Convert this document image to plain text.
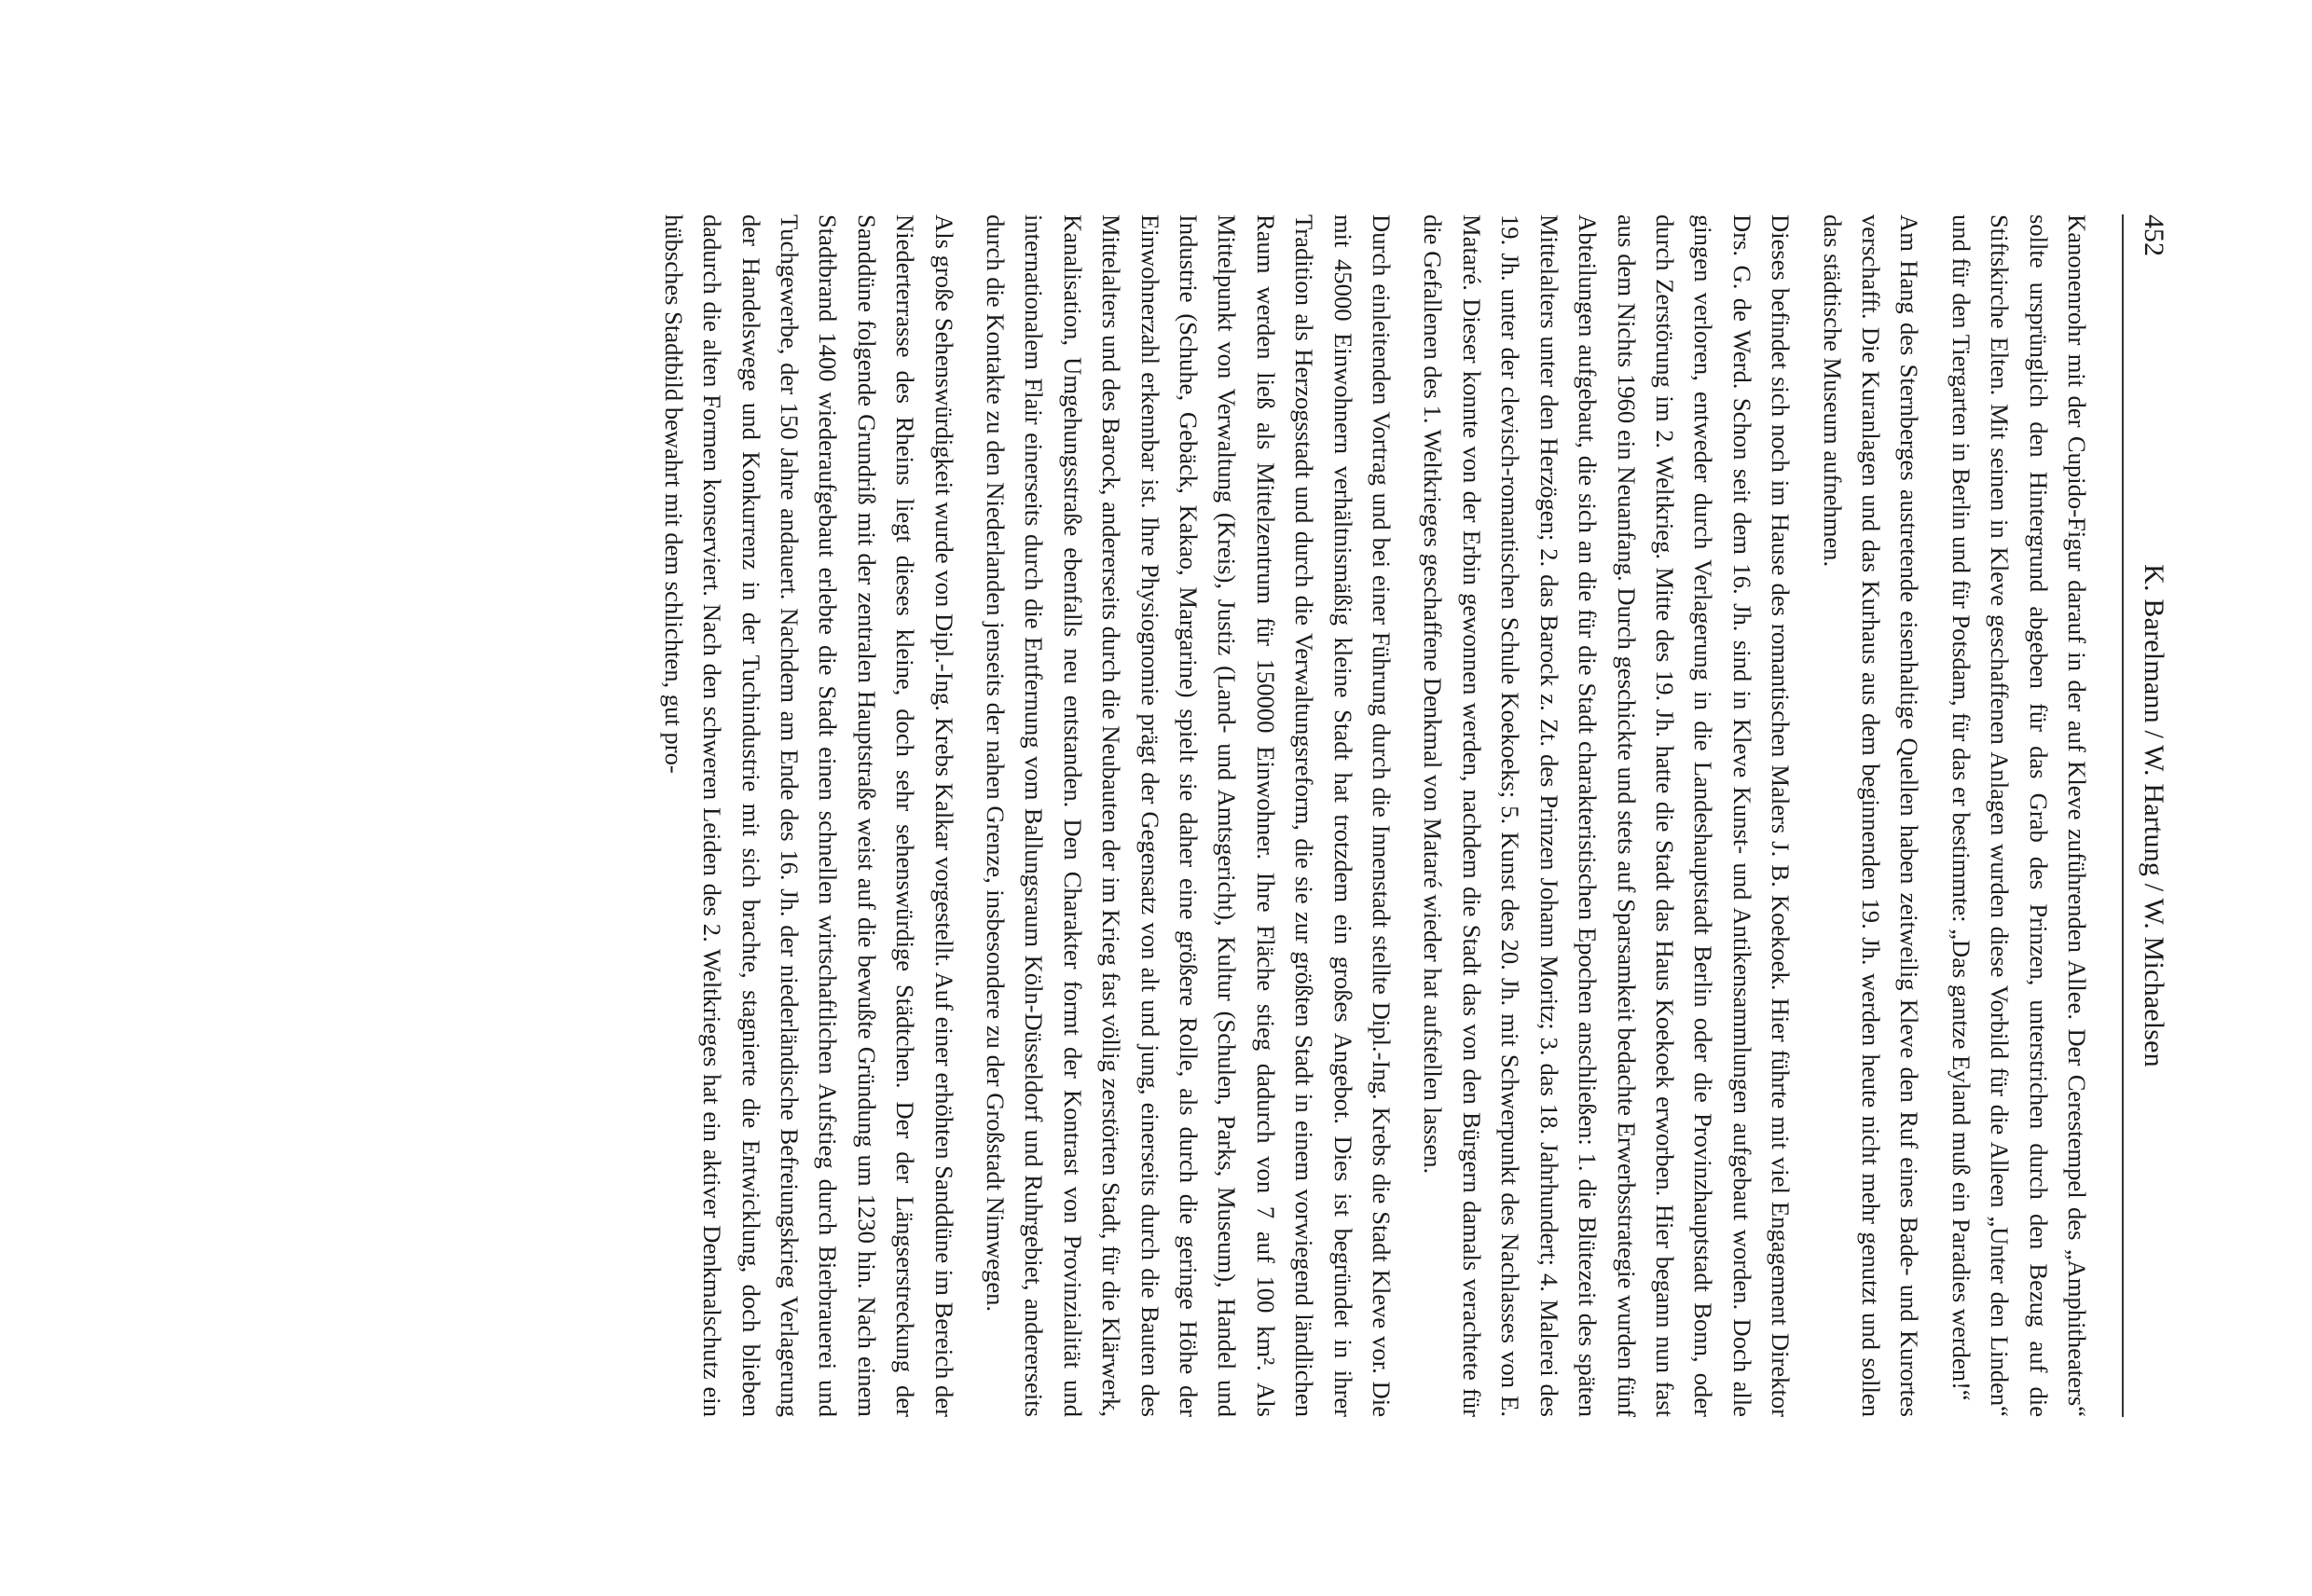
452
K. Barelmann / W. Hartung / W. Michaelsen

Kanonenrohr mit der Cupido-Figur darauf in der auf Kleve zuführenden Allee. Der Cerestempel des „Amphitheaters“ sollte ursprünglich den Hintergrund abgeben für das Grab des Prinzen, unterstrichen durch den Bezug auf die Stiftskirche Elten. Mit seinen in Kleve geschaffenen Anlagen wurden diese Vorbild für die Alleen „Unter den Linden“ und für den Tiergarten in Berlin und für Potsdam, für das er bestimmte: „Das gantze Eyland muß ein Paradies werden!“

Am Hang des Sternberges austretende eisenhaltige Quellen haben zeitweilig Kleve den Ruf eines Bade- und Kurortes verschafft. Die Kuranlagen und das Kurhaus aus dem beginnenden 19. Jh. werden heute nicht mehr genutzt und sollen das städtische Museum aufnehmen.

Dieses befindet sich noch im Hause des romantischen Malers J. B. Koekoek. Hier führte mit viel Engagement Direktor Drs. G. de Werd. Schon seit dem 16. Jh. sind in Kleve Kunst- und Antikensammlungen aufgebaut worden. Doch alle gingen verloren, entweder durch Verlagerung in die Landeshauptstadt Berlin oder die Provinzhauptstadt Bonn, oder durch Zerstörung im 2. Weltkrieg. Mitte des 19. Jh. hatte die Stadt das Haus Koekoek erworben. Hier begann nun fast aus dem Nichts 1960 ein Neuanfang. Durch geschickte und stets auf Sparsamkeit bedachte Erwerbsstrategie wurden fünf Abteilungen aufgebaut, die sich an die für die Stadt charakteristischen Epochen anschließen: 1. die Blütezeit des späten Mittelalters unter den Herzögen; 2. das Barock z. Zt. des Prinzen Johann Moritz; 3. das 18. Jahrhundert; 4. Malerei des 19. Jh. unter der clevisch-romantischen Schule Koekoeks; 5. Kunst des 20. Jh. mit Schwerpunkt des Nachlasses von E. Mataré. Dieser konnte von der Erbin gewonnen werden, nachdem die Stadt das von den Bürgern damals verachtete für die Gefallenen des 1. Weltkrieges geschaffene Denkmal von Mataré wieder hat aufstellen lassen.

Durch einleitenden Vortrag und bei einer Führung durch die Innenstadt stellte Dipl.-Ing. Krebs die Stadt Kleve vor. Die mit 45000 Einwohnern verhältnismäßig kleine Stadt hat trotzdem ein großes Angebot. Dies ist begründet in ihrer Tradition als Herzogsstadt und durch die Verwaltungsreform, die sie zur größten Stadt in einem vorwiegend ländlichen Raum werden ließ als Mittelzentrum für 150000 Einwohner. Ihre Fläche stieg dadurch von 7 auf 100 km². Als Mittelpunkt von Verwaltung (Kreis), Justiz (Land- und Amtsgericht), Kultur (Schulen, Parks, Museum), Handel und Industrie (Schuhe, Gebäck, Kakao, Margarine) spielt sie daher eine größere Rolle, als durch die geringe Höhe der Einwohnerzahl erkennbar ist. Ihre Physiognomie prägt der Gegensatz von alt und jung, einerseits durch die Bauten des Mittelalters und des Barock, andererseits durch die Neubauten der im Krieg fast völlig zerstörten Stadt, für die Klärwerk, Kanalisation, Umgehungsstraße ebenfalls neu entstanden. Den Charakter formt der Kontrast von Provinzialität und internationalem Flair einerseits durch die Entfernung vom Ballungsraum Köln-Düsseldorf und Ruhrgebiet, andererseits durch die Kontakte zu den Niederlanden jenseits der nahen Grenze, insbesondere zu der Großstadt Nimwegen.

Als große Sehenswürdigkeit wurde von Dipl.-Ing. Krebs Kalkar vorgestellt. Auf einer erhöhten Sanddüne im Bereich der Niederterrasse des Rheins liegt dieses kleine, doch sehr sehenswürdige Städtchen. Der der Längserstreckung der Sanddüne folgende Grundriß mit der zentralen Hauptstraße weist auf die bewußte Gründung um 1230 hin. Nach einem Stadtbrand 1400 wiederaufgebaut erlebte die Stadt einen schnellen wirtschaftlichen Aufstieg durch Bierbrauerei und Tuchgewerbe, der 150 Jahre andauert. Nachdem am Ende des 16. Jh. der niederländische Befreiungskrieg Verlagerung der Handelswege und Konkurrenz in der Tuchindustrie mit sich brachte, stagnierte die Entwicklung, doch blieben dadurch die alten Formen konserviert. Nach den schweren Leiden des 2. Weltkrieges hat ein aktiver Denkmalschutz ein hübsches Stadtbild bewahrt mit dem schlichten, gut pro-
